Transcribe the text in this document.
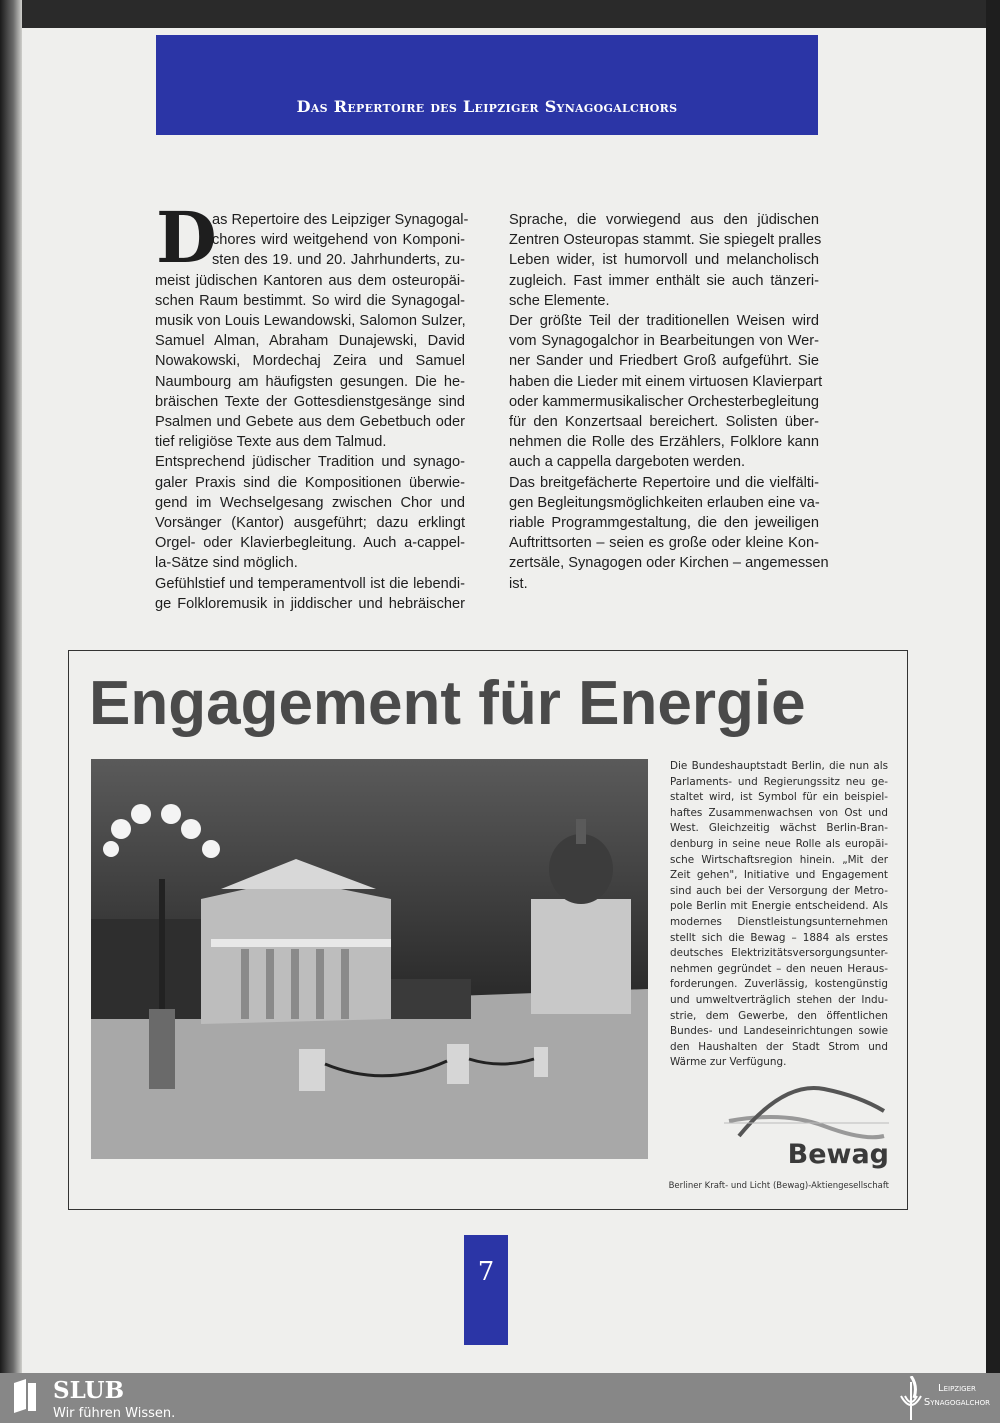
Das Repertoire des Leipziger Synagogalchors
D
as Repertoire des Leipziger Synagogal-
chores wird weitgehend von Komponi-
sten des 19. und 20. Jahrhunderts, zu-
meist jüdischen Kantoren aus dem osteuropäi-
schen Raum bestimmt. So wird die Synagogal-
musik von Louis Lewandowski, Salomon Sulzer,
Samuel Alman, Abraham Dunajewski, David
Nowakowski, Mordechaj Zeira und Samuel
Naumbourg am häufigsten gesungen. Die he-
bräischen Texte der Gottesdienstgesänge sind
Psalmen und Gebete aus dem Gebetbuch oder
tief religiöse Texte aus dem Talmud.
Entsprechend jüdischer Tradition und synago-
galer Praxis sind die Kompositionen überwie-
gend im Wechselgesang zwischen Chor und
Vorsänger (Kantor) ausgeführt; dazu erklingt
Orgel- oder Klavierbegleitung. Auch a-cappel-
la-Sätze sind möglich.
Gefühlstief und temperamentvoll ist die lebendi-
ge Folkloremusik in jiddischer und hebräischer
Sprache, die vorwiegend aus den jüdischen
Zentren Osteuropas stammt. Sie spiegelt pralles
Leben wider, ist humorvoll und melancholisch
zugleich. Fast immer enthält sie auch tänzeri-
sche Elemente.
Der größte Teil der traditionellen Weisen wird
vom Synagogalchor in Bearbeitungen von Wer-
ner Sander und Friedbert Groß aufgeführt. Sie
haben die Lieder mit einem virtuosen Klavierpart
oder kammermusikalischer Orchesterbegleitung
für den Konzertsaal bereichert. Solisten über-
nehmen die Rolle des Erzählers, Folklore kann
auch a cappella dargeboten werden.
Das breitgefächerte Repertoire und die vielfälti-
gen Begleitungsmöglichkeiten erlauben eine va-
riable Programmgestaltung, die den jeweiligen
Auftrittsorten – seien es große oder kleine Kon-
zertsäle, Synagogen oder Kirchen – angemessen
ist.
Engagement für Energie
Die Bundeshauptstadt Berlin, die nun als
Parlaments- und Regierungssitz neu ge-
staltet wird, ist Symbol für ein beispiel-
haftes Zusammenwachsen von Ost und
West. Gleichzeitig wächst Berlin-Bran-
denburg in seine neue Rolle als europäi-
sche Wirtschaftsregion hinein. „Mit der
Zeit gehen", Initiative und Engagement
sind auch bei der Versorgung der Metro-
pole Berlin mit Energie entscheidend. Als
modernes Dienstleistungsunternehmen
stellt sich die Bewag – 1884 als erstes
deutsches Elektrizitätsversorgungsunter-
nehmen gegründet – den neuen Heraus-
forderungen. Zuverlässig, kostengünstig
und umweltverträglich stehen der Indu-
strie, dem Gewerbe, den öffentlichen
Bundes- und Landeseinrichtungen sowie
den Haushalten der Stadt Strom und
Wärme zur Verfügung.
Bewag
Berliner Kraft- und Licht (Bewag)-Aktiengesellschaft
7
SLUB
Wir führen Wissen.
Leipziger
Synagogalchor
